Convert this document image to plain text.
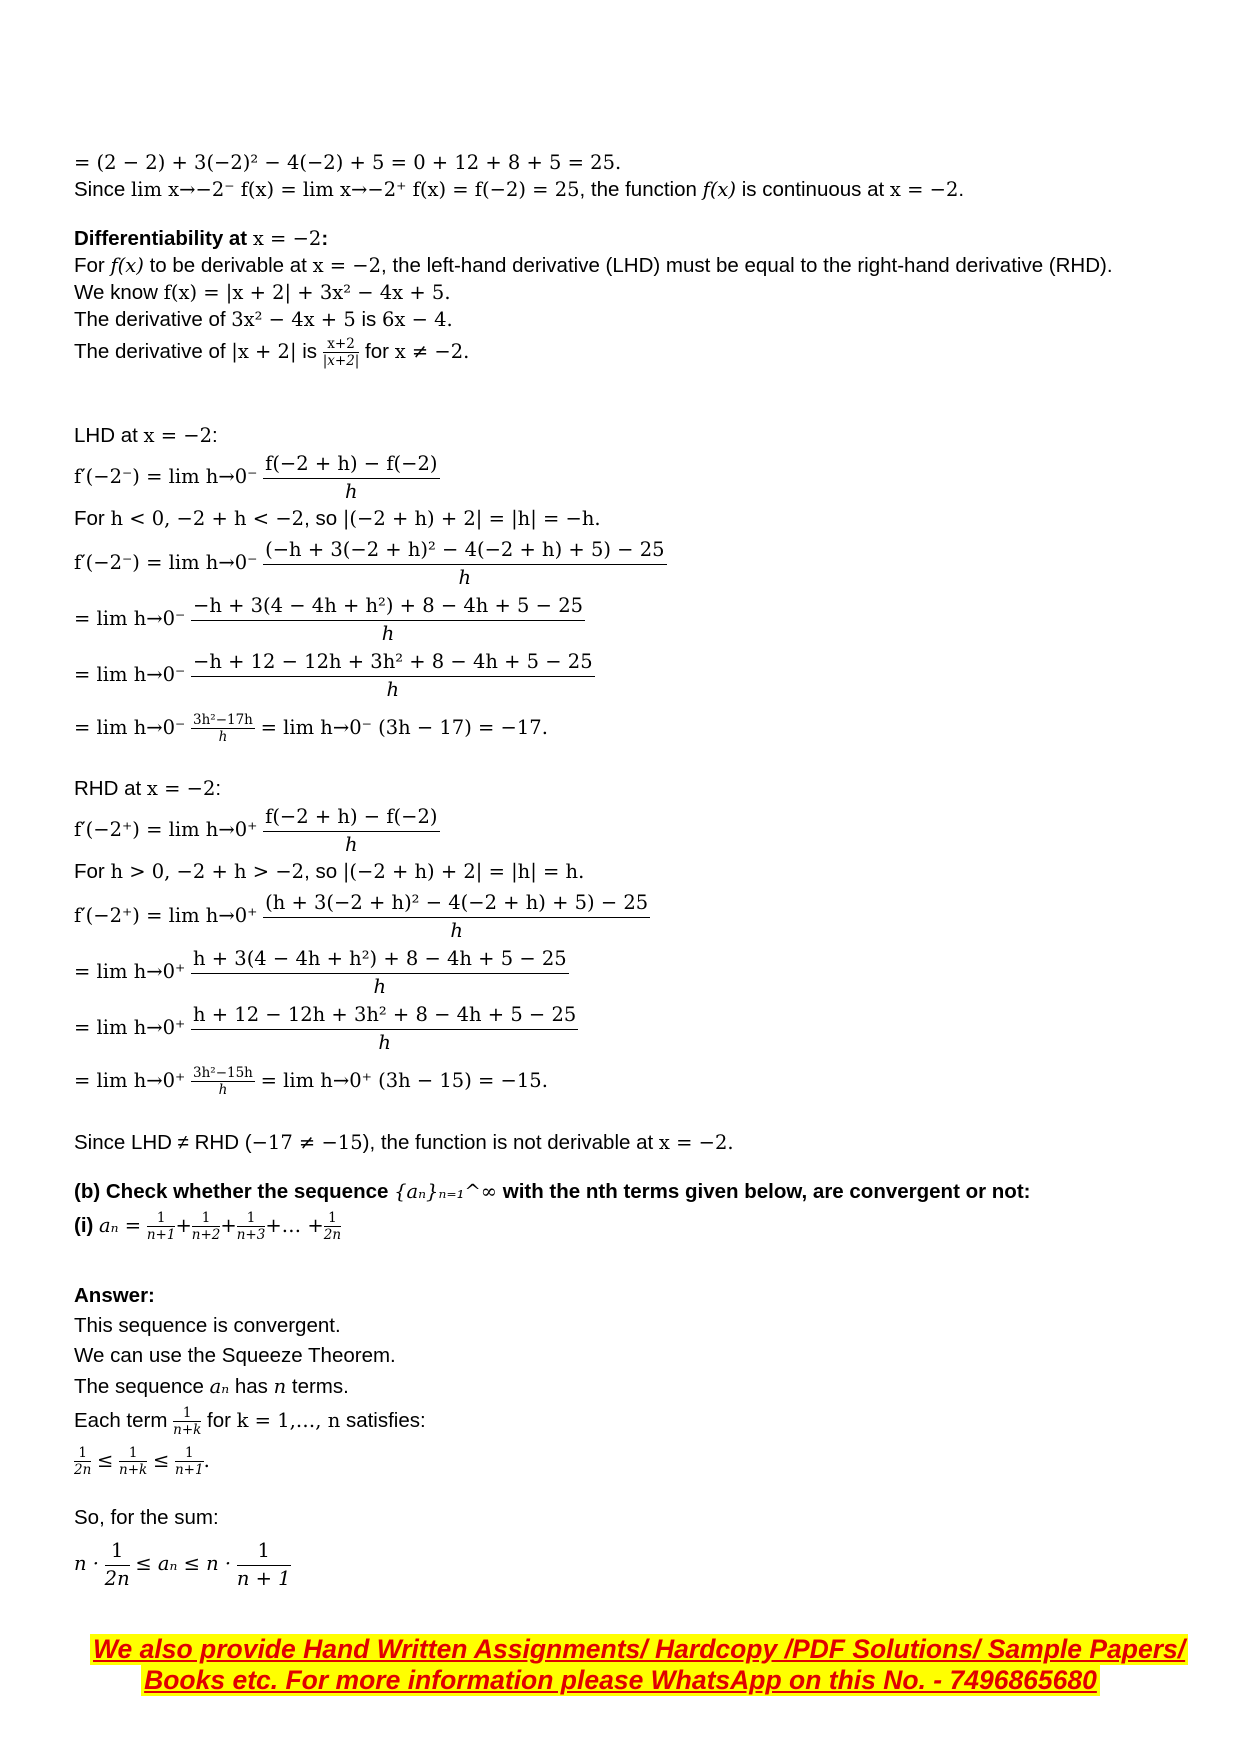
= (2 − 2) + 3(−2)² − 4(−2) + 5 = 0 + 12 + 8 + 5 = 25.
Since lim x→−2⁻ f(x) = lim x→−2⁺ f(x) = f(−2) = 25, the function f(x) is continuous at x = −2.
Differentiability at x = −2:
For f(x) to be derivable at x = −2, the left-hand derivative (LHD) must be equal to the right-hand derivative (RHD).
We know f(x) = |x + 2| + 3x² − 4x + 5.
The derivative of 3x² − 4x + 5 is 6x − 4.
The derivative of |x + 2| is $\frac{x+2}{|x+2|}$ for x ≠ −2.
LHD at x = −2:
$f'(-2^-) = \lim h\to 0^- \frac{f(-2 + h) - f(-2)}{h}$
For h < 0, −2 + h < −2, so |(−2 + h) + 2| = |h| = −h.
$f'(-2^-) = \lim h\to 0^- \frac{\text{(−h + 3(−2 + h)² − 4(−2 + h) + 5) − 25}}{h}$
= $\lim h\to 0^- \frac{\text{−h + 3(4 − 4h + h²) + 8 − 4h + 5 − 25}}{h}$
= $\lim h\to 0^- \frac{\text{−h + 12 − 12h + 3h² + 8 − 4h + 5 − 25}}{h}$
= $\lim h\to 0^- \frac{\text{3h²−17h}}{h} = \lim h\to 0^-$ (3h − 17) = −17.
RHD at x = −2:
$f'(-2^+) = \lim h\to 0^+ \frac{f(-2 + h) - f(-2)}{h}$
For h > 0, −2 + h > −2, so |(−2 + h) + 2| = |h| = h.
$f'(-2^+) = \lim h\to 0^+ \frac{\text{(h + 3(−2 + h)² − 4(−2 + h) + 5) − 25}}{h}$
= $\lim h\to 0^+ \frac{\text{h + 3(4 − 4h + h²) + 8 − 4h + 5 − 25}}{h}$
= $\lim h\to 0^+ \frac{\text{h + 12 − 12h + 3h² + 8 − 4h + 5 − 25}}{h}$
= $\lim h\to 0^+ \frac{\text{3h²−15h}}{h} = \lim h\to 0^+$ (3h − 15) = −15.
Since LHD ≠ RHD (−17 ≠ −15), the function is not derivable at x = −2.
(b) Check whether the sequence {aₙ}ₙ₌₁^∞ with the nth terms given below, are convergent or not:
(i) $a_n = \frac{1}{n+1} + \frac{1}{n+2} + \frac{1}{n+3}$ +… + $\frac{1}{2n}$
Answer:
This sequence is convergent.
We can use the Squeeze Theorem.
The sequence aₙ has n terms.
Each term $\frac{1}{n+k}$ for k = 1,…, n satisfies:
$\frac{1}{2n} \le \frac{1}{n+k} \le \frac{1}{n+1}$ .
So, for the sum:
$n \cdot \frac{1}{2n} \le a_n \le n \cdot \frac{1}{n + 1}$
We also provide Hand Written Assignments/ Hardcopy /PDF Solutions/ Sample Papers/
Books etc. For more information please WhatsApp on this No. - 7496865680
